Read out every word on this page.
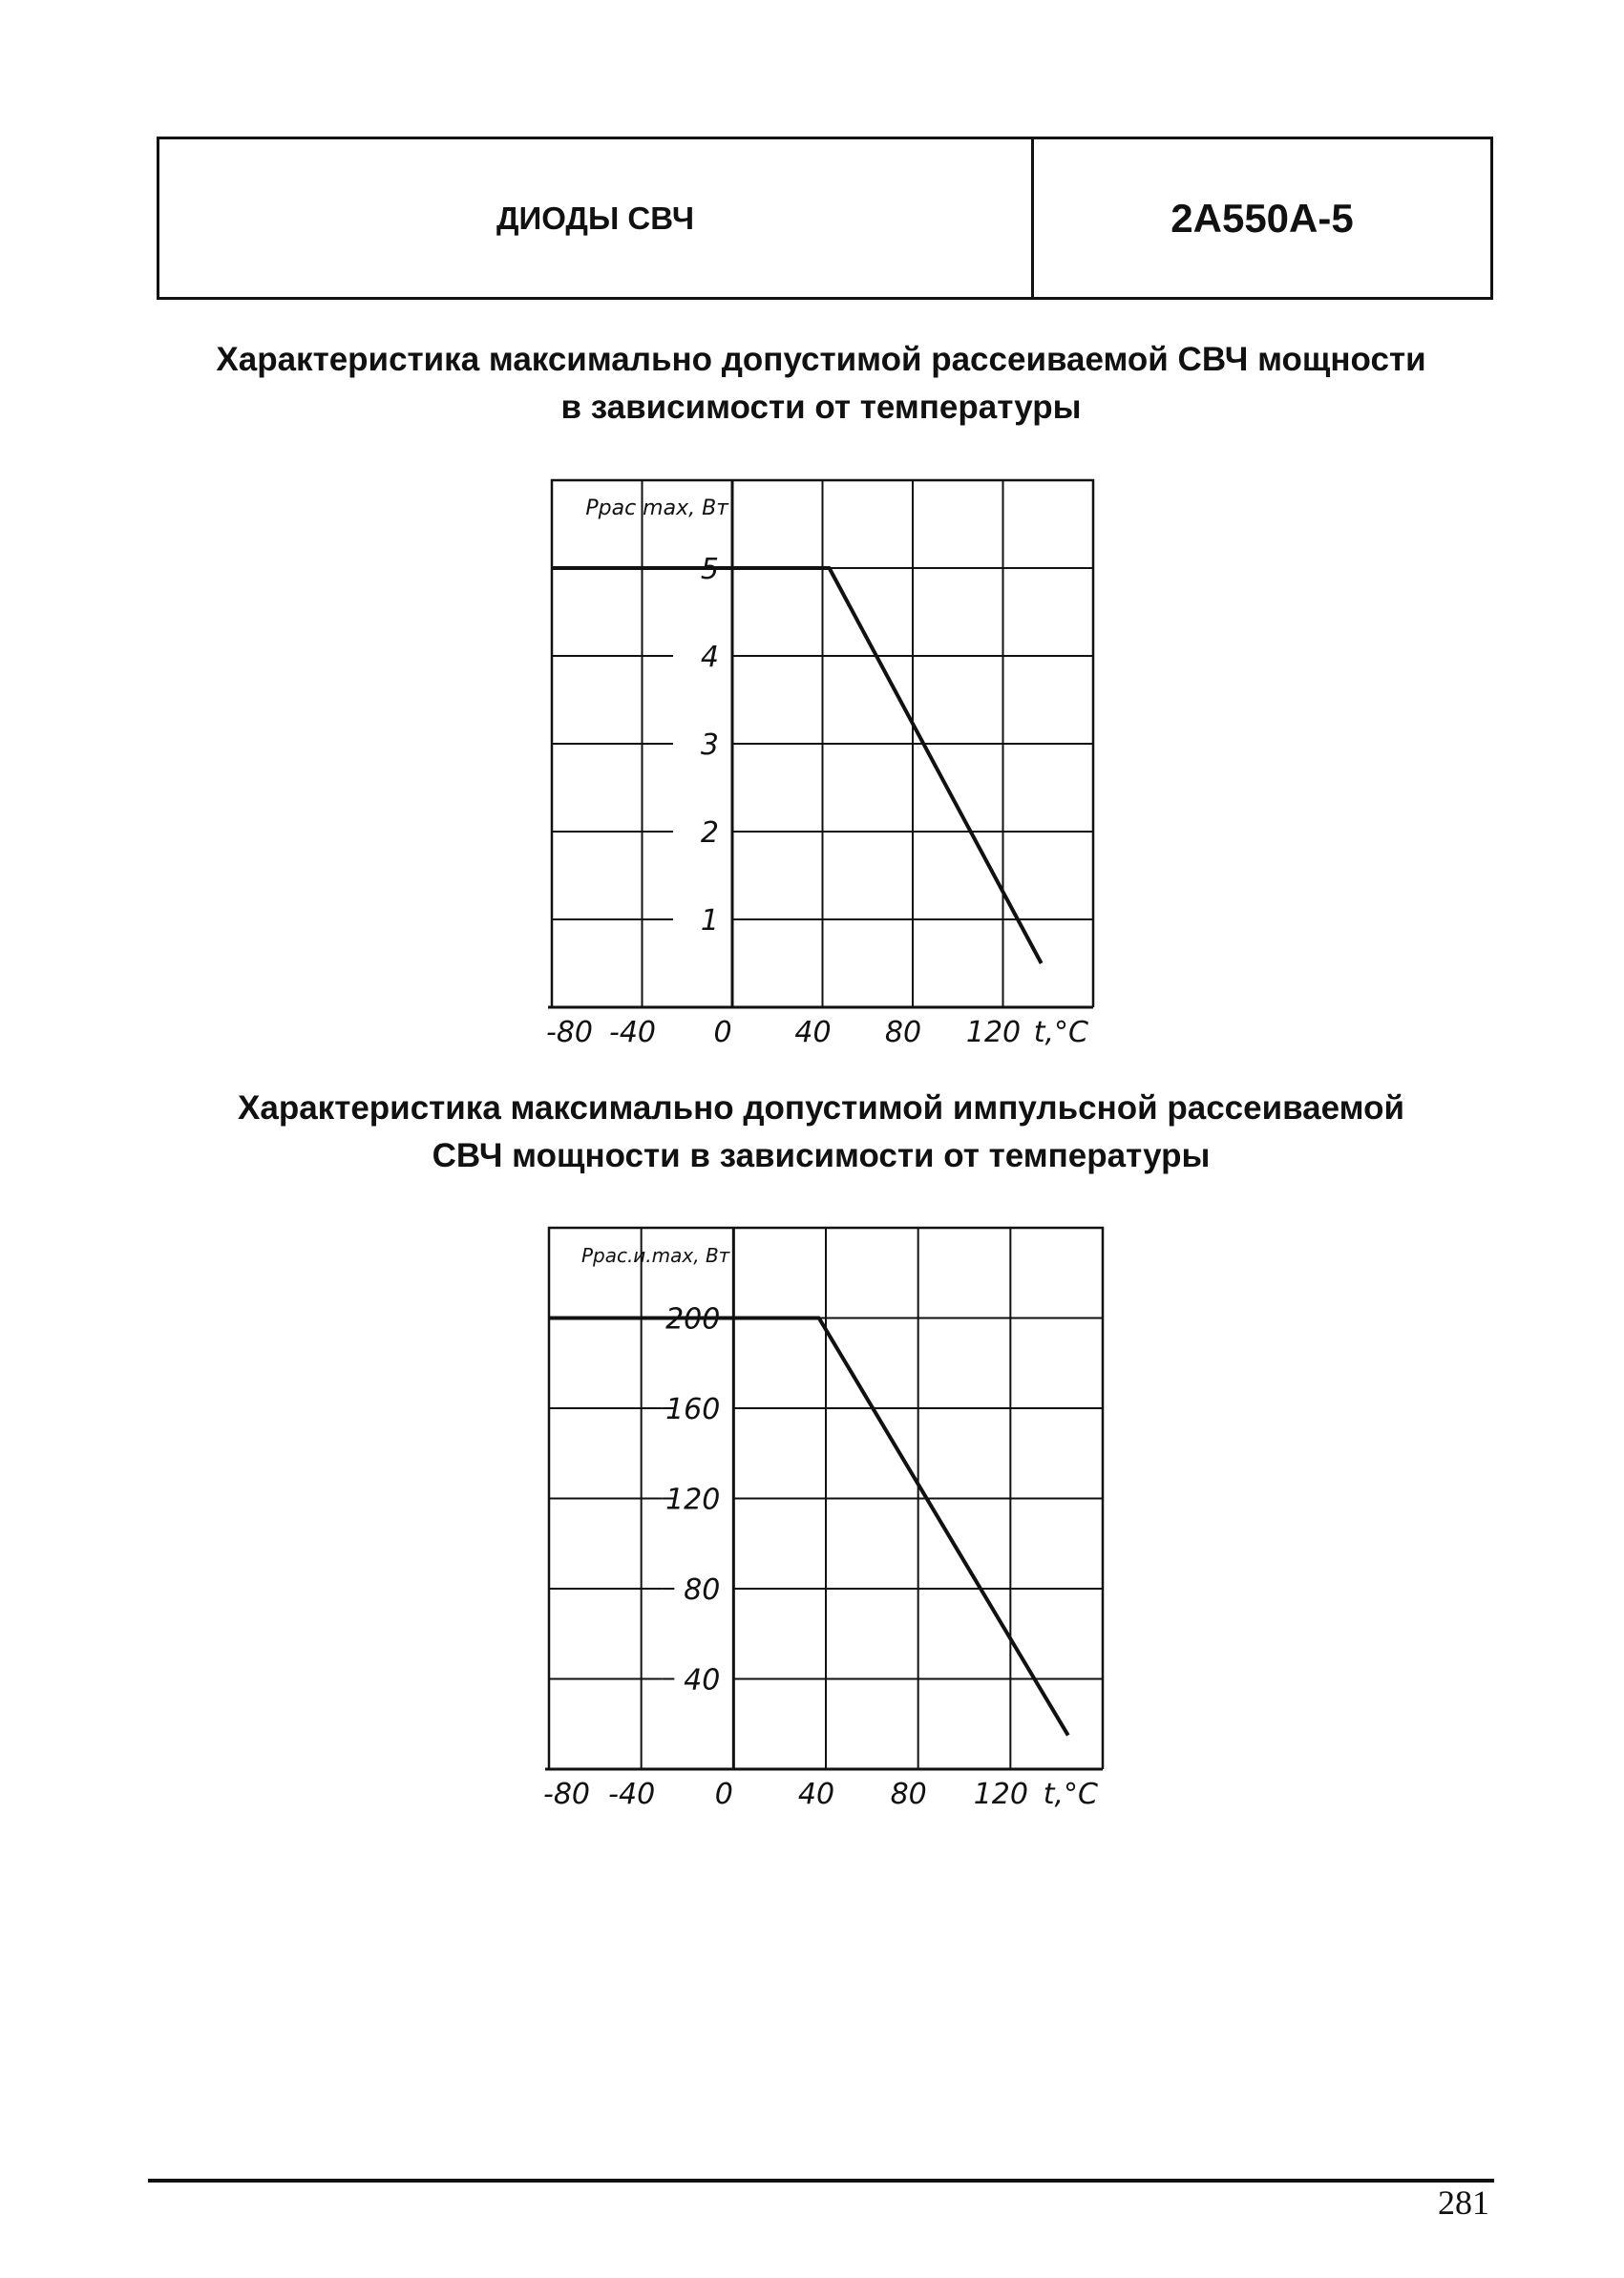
ДИОДЫ СВЧ	2А550А-5
Характеристика максимально допустимой рассеиваемой СВЧ мощности
в зависимости от температуры
1
2
3
4
5
-80 -40 0 40 80 120 t,°C
Pрас max, Вт
Характеристика максимально допустимой импульсной рассеиваемой
СВЧ мощности в зависимости от температуры
40
80
120
160
200
-80 -40 0 40 80 120 t,°C
Pрас.и.max, Вт
281
